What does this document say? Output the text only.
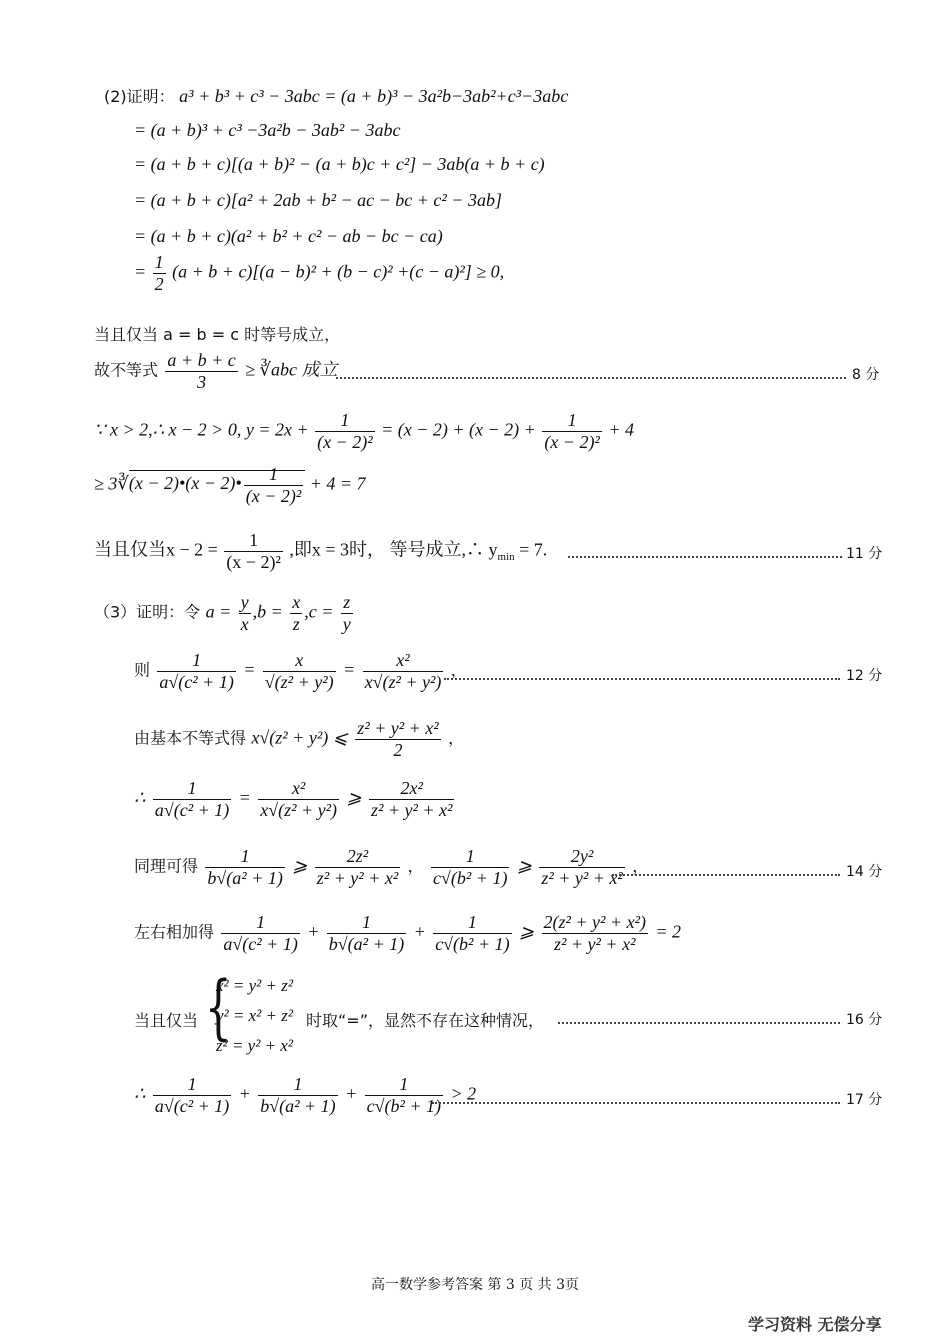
(2)证明： a³ + b³ + c³ − 3abc = (a + b)³ − 3a²b−3ab²+c³−3abc
= (a + b)³ + c³ −3a²b − 3ab² − 3abc
= (a + b + c)[(a + b)² − (a + b)c + c²] − 3ab(a + b + c)
= (a + b + c)[a² + 2ab + b² − ac − bc + c² − 3ab]
= (a + b + c)(a² + b² + c² − ab − bc − ca)
= $\frac{1}{2} (a + b + c)[(a - b)^2 + (b - c)^2 +(c - a)^2] \ge 0$,
当且仅当 a = b = c 时等号成立，
故不等式 $\frac{a + b + c}{3}$ ≥ ∛abc 成立	8 分
∵ x > 2,∴ x − 2 > 0, $y = 2x + \frac{1}{\text{(x − 2)²}} = (x - 2) + (x - 2) + \frac{1}{\text{(x − 2)²}} + 4$
≥ 3∛(x − 2)•(x − 2)• $\frac{1}{\text{(x − 2)²}} + 4 = 7$
当且仅当$x - 2 = \frac{1}{\text{(x − 2)²}}$ ,即x = 3时， 等号成立,∴ $y_{min} = 7$.	11 分
（3）证明：令 $a = \frac{y}{x} ,b = \frac{x}{z} ,c = \frac{z}{y}$
则 $\frac{1}{\text{a√(c² + 1)}} = \frac{x}{\text{√(z² + y²)}} = \frac{\text{x²}}{\text{x√(z² + y²)}}$ ，	12 分
由基本不等式得 x√(z² + y²) ⩽ $\frac{\text{z² + y² + x²}}{2}$ ，
∴ $\frac{1}{\text{a√(c² + 1)}} = \frac{\text{x²}}{\text{x√(z² + y²)}}$ ⩾ $\frac{\text{2x²}}{\text{z² + y² + x²}}$
同理可得 $\frac{1}{\text{b√(a² + 1)}}$ ⩾ $\frac{\text{2z²}}{\text{z² + y² + x²}}$ ， $\frac{1}{\text{c√(b² + 1)}}$ ⩾ $\frac{\text{2y²}}{\text{z² + y² + x²}}$ ，	14 分
左右相加得 $\frac{1}{\text{a√(c² + 1)}} + \frac{1}{\text{b√(a² + 1)}} + \frac{1}{\text{c√(b² + 1)}}$ ⩾ $\frac{\text{2(z² + y² + x²)}}{\text{z² + y² + x²}} = 2$
当且仅当 {
x² = y² + z²
y² = x² + z²
z² = y² + x²
时取“=”，显然不存在这种情况，	16 分
∴ $\frac{1}{\text{a√(c² + 1)}} + \frac{1}{\text{b√(a² + 1)}} + \frac{1}{\text{c√(b² + 1)}} > 2$	17 分
高一数学参考答案 第 3 页 共 3页
学习资料 无偿分享
